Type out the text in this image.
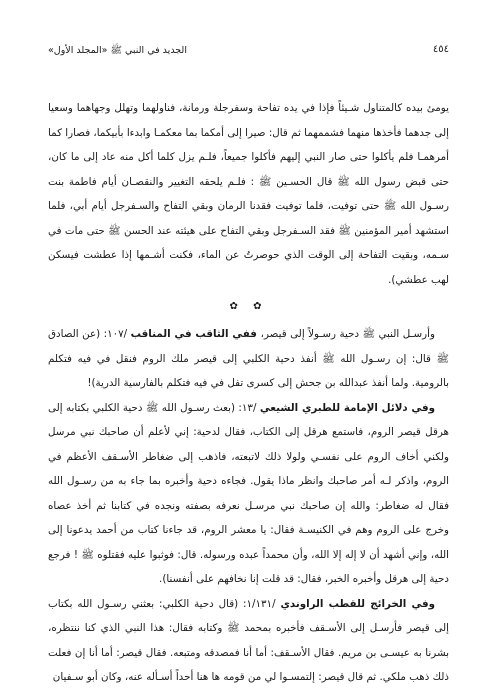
٤٥٤
الجديد في النبي ﷺ «المجلد الأول»

يومئ بيده كالمتناول شـيئاً فإذا في يده تفاحة وسفرجلة ورمانة، فناولهما وتهلل وجهاهما وسعيا إلى جدهما فأخذها منهما فشممهما ثم قال: صيرا إلى أمكما بما معكمـا وابدءا بأبيكما، فصارا كما أمرهمـا فلم يأكلوا حتى صار النبي إليهم فأكلوا جميعاً، فلـم يزل كلما أكل منه عاد إلى ما كان، حتى قبض رسول الله ﷺ قال الحسـين ﷺ : فلـم يلحقه التغيير والنقصـان أيام فاطمة بنت رسـول الله ﷺ حتى توفيت، فلما توفيت فقدنا الرمان وبقي التفاح والسـفرجل أيام أبي، فلما استشهد أمير المؤمنين ﷺ فقد السـفرجل وبقي التفاح على هيئته عند الحسن ﷺ حتى مات في سـمه، وبقيت التفاحة إلى الوقت الذي حوصرتُ عن الماء، فكنت أشـمها إذا عطشت فيسكن لهب عطشي).

✿ ✿

وأرسـل النبي ﷺ دحية رسـولاً إلى قيصر، ففي الثاقب في المناقب /١٠٧: (عن الصادق ﷺ قال: إن رسـول الله ﷺ أنفذ دحية الكلبي إلى قيصر ملك الروم فنقل في فيه فتكلم بالرومية. ولما أنفذ عبدالله بن جحش إلى كسرى تفل في فيه فتكلم بالفارسية الدرية)!

وفي دلائل الإمامة للطبري الشيعي /١٣: (بعث رسـول الله ﷺ دحية الكلبي بكتابه إلى هرقل قيصر الروم، فاستمع هرقل إلى الكتاب، فقال لدحية: إني لأعلم أن صاحبك نبي مرسل ولكني أخاف الروم على نفسـي ولولا ذلك لاتبعته، فاذهب إلى ضغاطر الأسـقف الأعظم في الروم، واذكر لـه أمر صاحبك وانظر ماذا يقول. فجاءه دحية وأخبره بما جاء به من رسـول الله فقال له ضغاطر: والله إن صاحبك نبي مرسـل نعرفه بصفته ونجده في كتابنا ثم أخذ عصاه وخرج على الروم وهم في الكنيسـة فقال: يا معشر الروم، قد جاءنا كتاب من أحمد يدعونا إلى الله، وإني أشهد أن لا إله إلا الله، وأن محمداً عبده ورسوله. قال: فوثبوا عليه فقتلوه ﷺ ! فرجع دحية إلى هرقل وأخبره الخبر، فقال: قد قلت إنا نخافهم على أنفسنا).

وفي الخرائج للقطب الراوندي /١/١٣١: (قال دحية الكلبي: بعثني رسـول الله بكتاب إلى قيصر فأرسـل إلى الأسـقف فأخبره بمحمد ﷺ وكتابه فقال: هذا النبي الذي كنا ننتظره، بشرنا به عيسـى بن مريم. فقال الأسـقف: أما أنا فمصدقه ومتبعه. فقال قيصر: أما أنا إن فعلت ذلك ذهب ملكي. ثم قال قيصر: إلتمسـوا لي من قومه ها هنا أحداً أسـأله عنه، وكان أبو سـفيان
